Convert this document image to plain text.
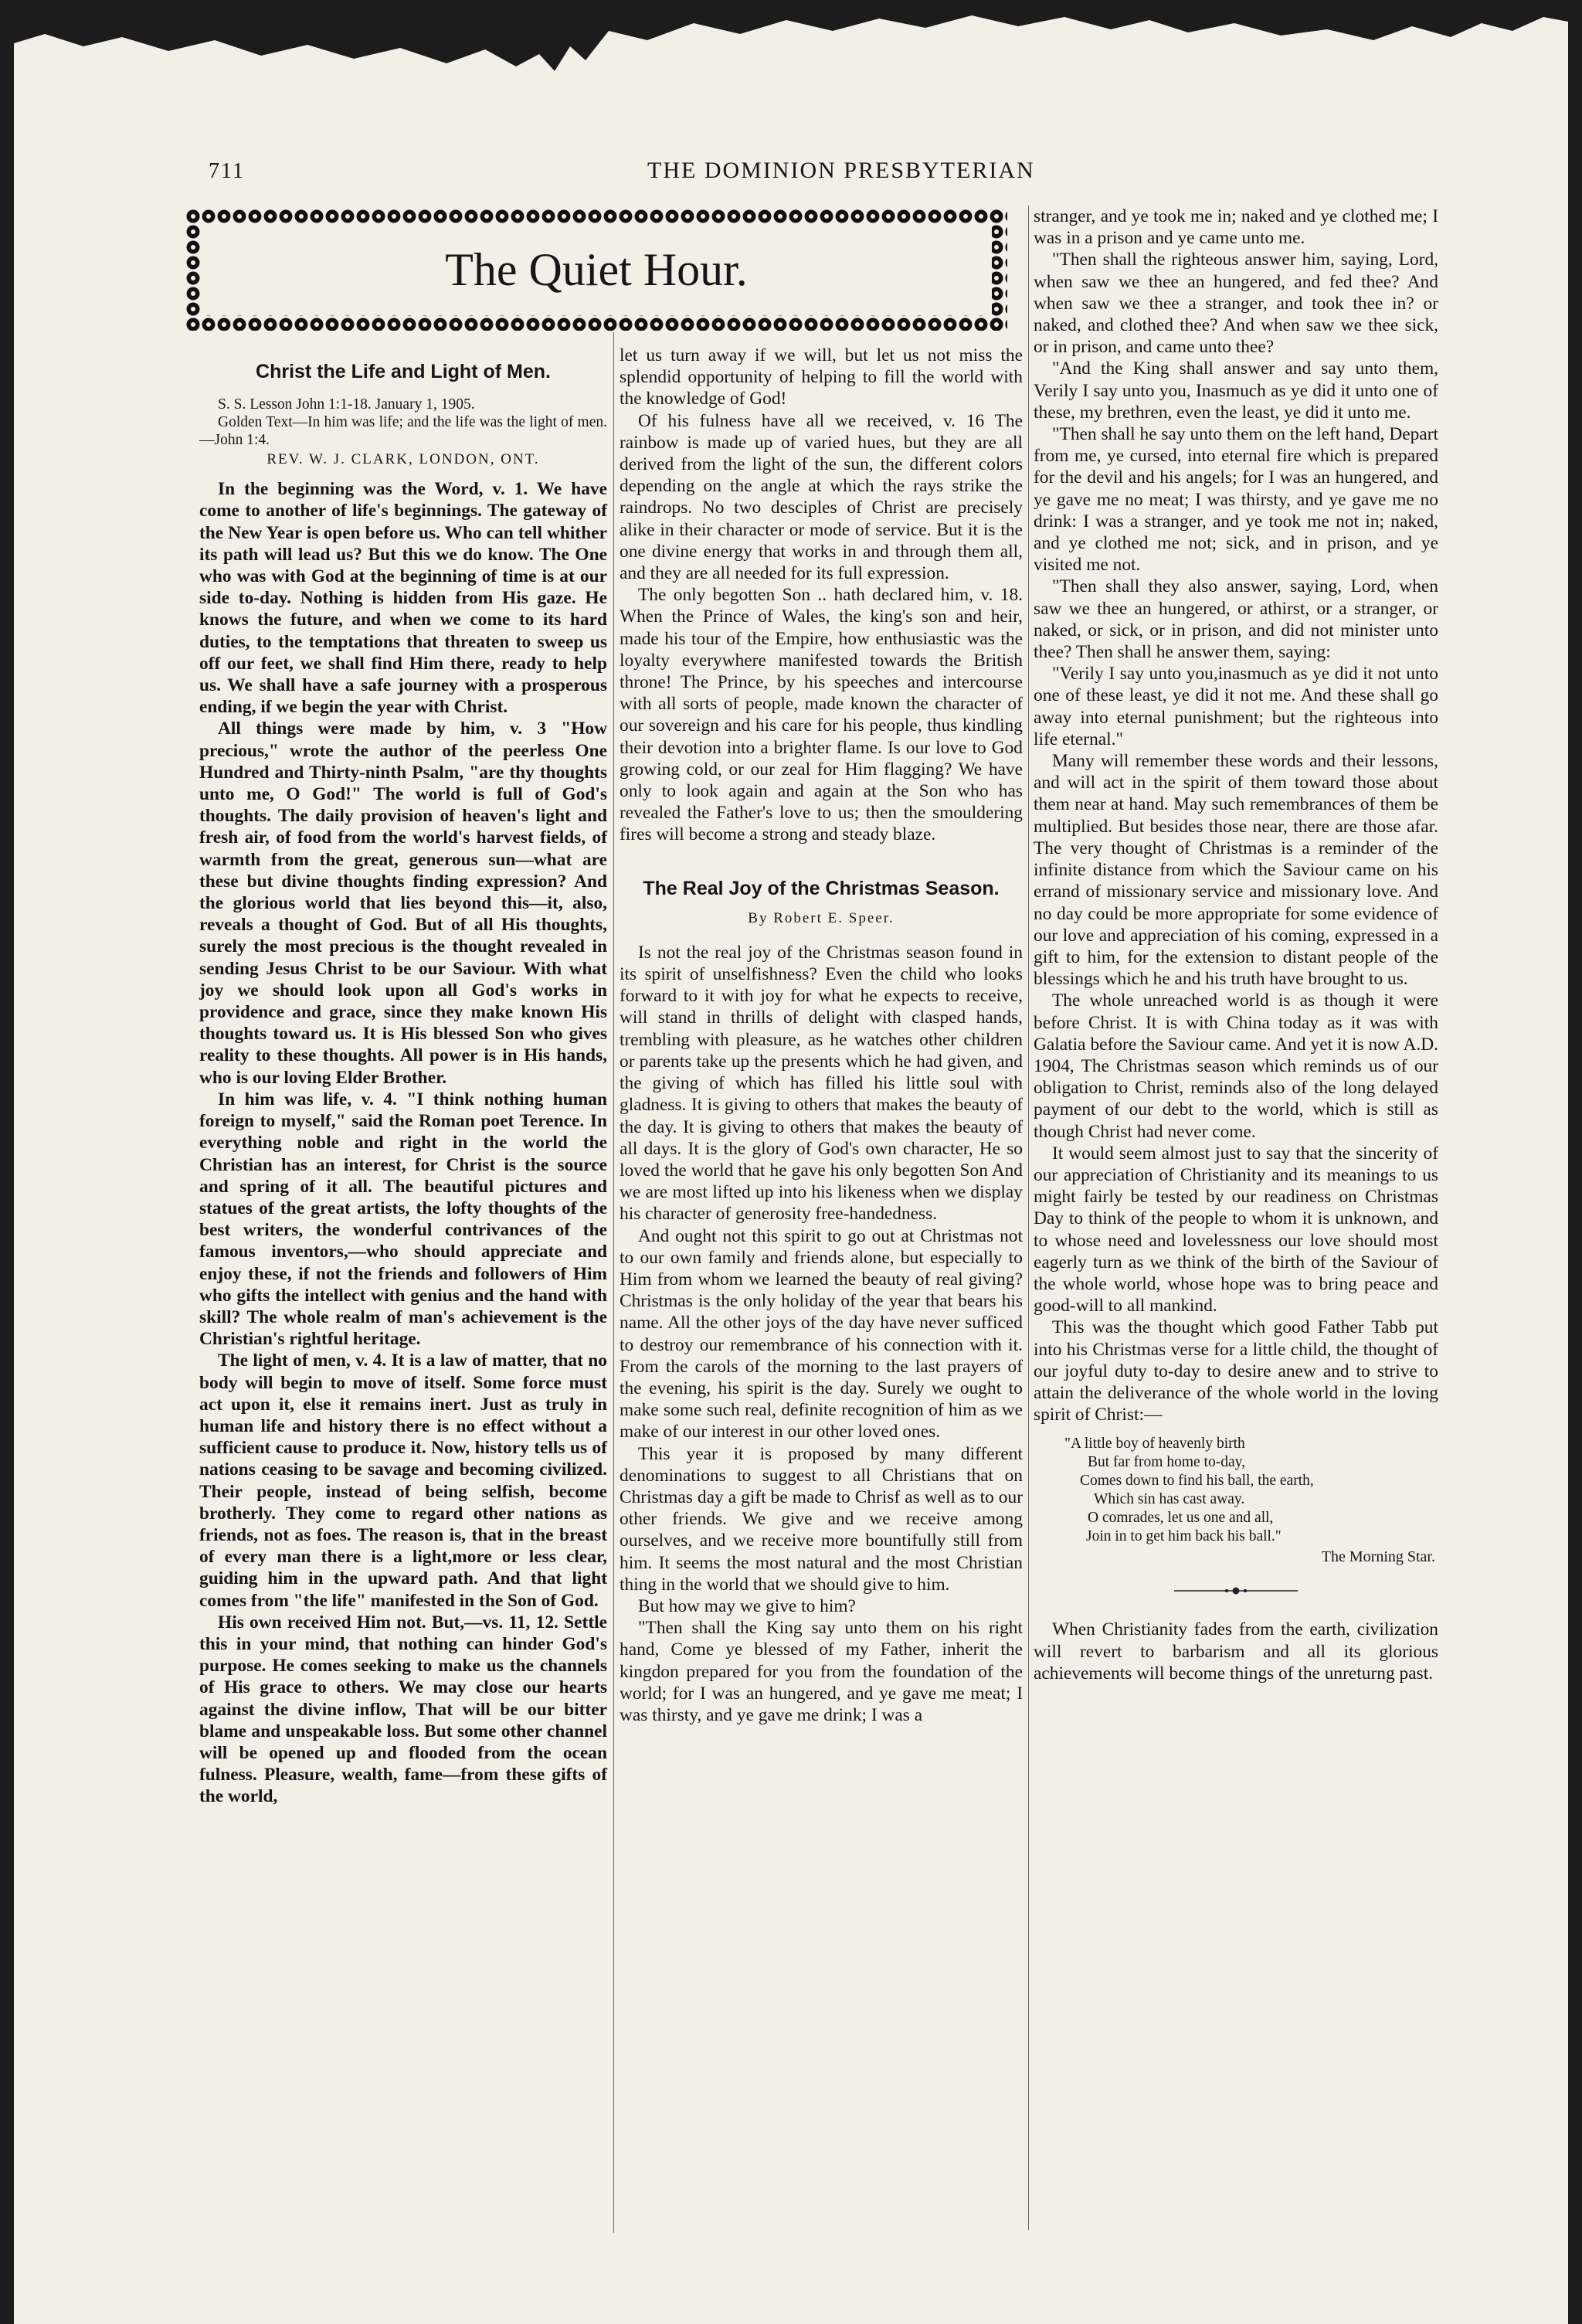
711	THE DOMINION PRESBYTERIAN
The Quiet Hour.
Christ the Life and Light of Men.

S. S. Lesson John 1:1-18. January 1, 1905.

Golden Text—In him was life; and the life was the light of men.—John 1:4.

REV. W. J. CLARK, LONDON, ONT.

In the beginning was the Word, v. 1. We have come to another of life's beginnings. The gateway of the New Year is open before us. Who can tell whither its path will lead us? But this we do know. The One who was with God at the beginning of time is at our side to-day. Nothing is hidden from His gaze. He knows the future, and when we come to its hard duties, to the temptations that threaten to sweep us off our feet, we shall find Him there, ready to help us. We shall have a safe journey with a prosperous ending, if we begin the year with Christ.

All things were made by him, v. 3 "How precious," wrote the author of the peerless One Hundred and Thirty-ninth Psalm, "are thy thoughts unto me, O God!" The world is full of God's thoughts. The daily provision of heaven's light and fresh air, of food from the world's harvest fields, of warmth from the great, generous sun—what are these but divine thoughts finding expression? And the glorious world that lies beyond this—it, also, reveals a thought of God. But of all His thoughts, surely the most precious is the thought revealed in sending Jesus Christ to be our Saviour. With what joy we should look upon all God's works in providence and grace, since they make known His thoughts toward us. It is His blessed Son who gives reality to these thoughts. All power is in His hands, who is our loving Elder Brother.

In him was life, v. 4. "I think nothing human foreign to myself," said the Roman poet Terence. In everything noble and right in the world the Christian has an interest, for Christ is the source and spring of it all. The beautiful pictures and statues of the great artists, the lofty thoughts of the best writers, the wonderful contrivances of the famous inventors,—who should appreciate and enjoy these, if not the friends and followers of Him who gifts the intellect with genius and the hand with skill? The whole realm of man's achievement is the Christian's rightful heritage.

The light of men, v. 4. It is a law of matter, that no body will begin to move of itself. Some force must act upon it, else it remains inert. Just as truly in human life and history there is no effect without a sufficient cause to produce it. Now, history tells us of nations ceasing to be savage and becoming civilized. Their people, instead of being selfish, become brotherly. They come to regard other nations as friends, not as foes. The reason is, that in the breast of every man there is a light,more or less clear, guiding him in the upward path. And that light comes from "the life" manifested in the Son of God.

His own received Him not. But,—vs. 11, 12. Settle this in your mind, that nothing can hinder God's purpose. He comes seeking to make us the channels of His grace to others. We may close our hearts against the divine inflow, That will be our bitter blame and unspeakable loss. But some other channel will be opened up and flooded from the ocean fulness. Pleasure, wealth, fame—from these gifts of the world,

let us turn away if we will, but let us not miss the splendid opportunity of helping to fill the world with the knowledge of God!

Of his fulness have all we received, v. 16 The rainbow is made up of varied hues, but they are all derived from the light of the sun, the different colors depending on the angle at which the rays strike the raindrops. No two desciples of Christ are precisely alike in their character or mode of service. But it is the one divine energy that works in and through them all, and they are all needed for its full expression.

The only begotten Son .. hath declared him, v. 18. When the Prince of Wales, the king's son and heir, made his tour of the Empire, how enthusiastic was the loyalty everywhere manifested towards the British throne! The Prince, by his speeches and intercourse with all sorts of people, made known the character of our sovereign and his care for his people, thus kindling their devotion into a brighter flame. Is our love to God growing cold, or our zeal for Him flagging? We have only to look again and again at the Son who has revealed the Father's love to us; then the smouldering fires will become a strong and steady blaze.

The Real Joy of the Christmas Season.
By Robert E. Speer.

Is not the real joy of the Christmas season found in its spirit of unselfishness? Even the child who looks forward to it with joy for what he expects to receive, will stand in thrills of delight with clasped hands, trembling with pleasure, as he watches other children or parents take up the presents which he had given, and the giving of which has filled his little soul with gladness. It is giving to others that makes the beauty of the day. It is giving to others that makes the beauty of all days. It is the glory of God's own character, He so loved the world that he gave his only begotten Son And we are most lifted up into his likeness when we display his character of generosity free-handedness.

And ought not this spirit to go out at Christmas not to our own family and friends alone, but especially to Him from whom we learned the beauty of real giving? Christmas is the only holiday of the year that bears his name. All the other joys of the day have never sufficed to destroy our remembrance of his connection with it. From the carols of the morning to the last prayers of the evening, his spirit is the day. Surely we ought to make some such real, definite recognition of him as we make of our interest in our other loved ones.

This year it is proposed by many different denominations to suggest to all Christians that on Christmas day a gift be made to Chrisf as well as to our other friends. We give and we receive among ourselves, and we receive more bountifully still from him. It seems the most natural and the most Christian thing in the world that we should give to him.

But how may we give to him?

"Then shall the King say unto them on his right hand, Come ye blessed of my Father, inherit the kingdon prepared for you from the foundation of the world; for I was an hungered, and ye gave me meat; I was thirsty, and ye gave me drink; I was a

stranger, and ye took me in; naked and ye clothed me; I was in a prison and ye came unto me.

"Then shall the righteous answer him, saying, Lord, when saw we thee an hungered, and fed thee? And when saw we thee a stranger, and took thee in? or naked, and clothed thee? And when saw we thee sick, or in prison, and came unto thee?

"And the King shall answer and say unto them, Verily I say unto you, Inasmuch as ye did it unto one of these, my brethren, even the least, ye did it unto me.

"Then shall he say unto them on the left hand, Depart from me, ye cursed, into eternal fire which is prepared for the devil and his angels; for I was an hungered, and ye gave me no meat; I was thirsty, and ye gave me no drink: I was a stranger, and ye took me not in; naked, and ye clothed me not; sick, and in prison, and ye visited me not.

"Then shall they also answer, saying, Lord, when saw we thee an hungered, or athirst, or a stranger, or naked, or sick, or in prison, and did not minister unto thee? Then shall he answer them, saying:

"Verily I say unto you,inasmuch as ye did it not unto one of these least, ye did it not me. And these shall go away into eternal punishment; but the righteous into life eternal."

Many will remember these words and their lessons, and will act in the spirit of them toward those about them near at hand. May such remembrances of them be multiplied. But besides those near, there are those afar. The very thought of Christmas is a reminder of the infinite distance from which the Saviour came on his errand of missionary service and missionary love. And no day could be more appropriate for some evidence of our love and appreciation of his coming, expressed in a gift to him, for the extension to distant people of the blessings which he and his truth have brought to us.

The whole unreached world is as though it were before Christ. It is with China today as it was with Galatia before the Saviour came. And yet it is now A.D. 1904, The Christmas season which reminds us of our obligation to Christ, reminds also of the long delayed payment of our debt to the world, which is still as though Christ had never come.

It would seem almost just to say that the sincerity of our appreciation of Christianity and its meanings to us might fairly be tested by our readiness on Christmas Day to think of the people to whom it is unknown, and to whose need and lovelessness our love should most eagerly turn as we think of the birth of the Saviour of the whole world, whose hope was to bring peace and good-will to all mankind.

This was the thought which good Father Tabb put into his Christmas verse for a little child, the thought of our joyful duty to-day to desire anew and to strive to attain the deliverance of the whole world in the loving spirit of Christ:—

"A little boy of heavenly birth
But far from home to-day,
Comes down to find his ball, the earth,
Which sin has cast away.
O comrades, let us one and all,
Join in to get him back his ball."
The Morning Star.

When Christianity fades from the earth, civilization will revert to barbarism and all its glorious achievements will become things of the unreturng past.
